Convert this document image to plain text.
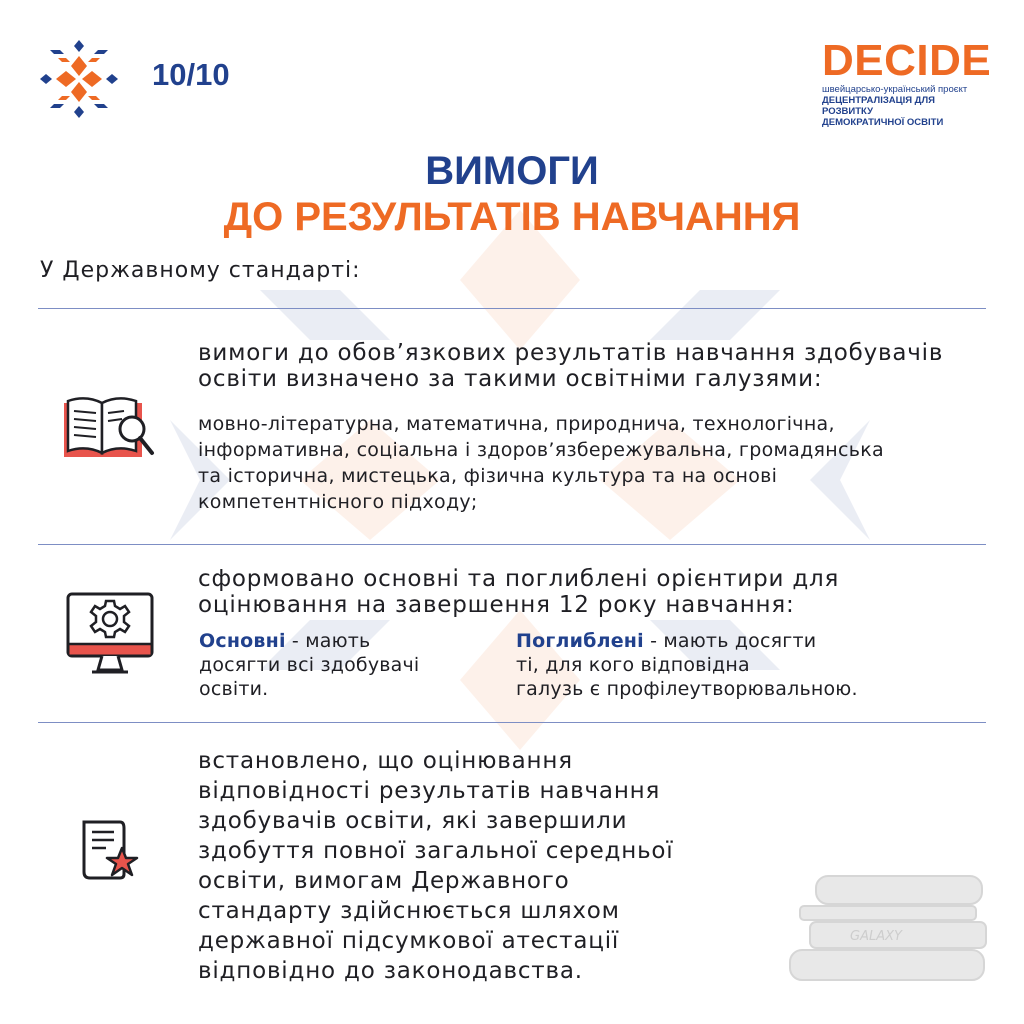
10/10	DECIDE
швейцарсько-український проєкт
ДЕЦЕНТРАЛІЗАЦІЯ ДЛЯ РОЗВИТКУ
ДЕМОКРАТИЧНОЇ ОСВІТИ
ВИМОГИ
ДО РЕЗУЛЬТАТІВ НАВЧАННЯ
У Державному стандарті:
вимоги до обов’язкових результатів навчання здобувачів
освіти визначено за такими освітніми галузями:
мовно-літературна, математична, природнича, технологічна,
інформативна, соціальна і здоров’язбережувальна, громадянська
та історична, мистецька, фізична культура та на основі
компетентнісного підходу;
сформовано основні та поглиблені орієнтири для
оцінювання на завершення 12 року навчання:
Основні - мають
досягти всі здобувачі
освіти.
Поглиблені - мають досягти
ті, для кого відповідна
галузь є профілеутворювальною.
встановлено, що оцінювання
відповідності результатів навчання
здобувачів освіти, які завершили
здобуття повної загальної середньої
освіти, вимогам Державного
стандарту здійснюється шляхом
державної підсумкової атестації
відповідно до законодавства.
GALAXY
